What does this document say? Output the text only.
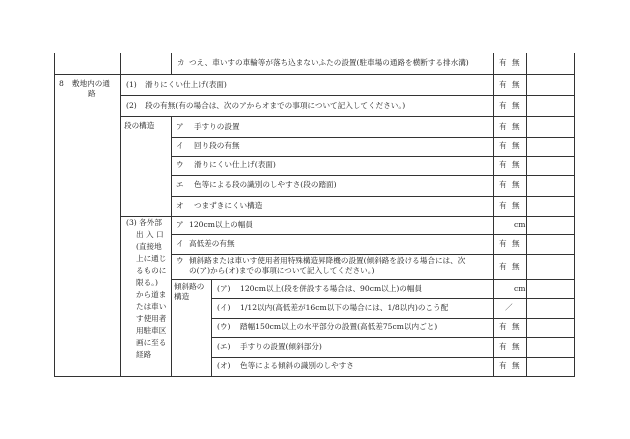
カ つえ、車いすの車輪等が落ち込まないふたの設置(駐車場の通路を横断する排水溝)	有 無
8 敷地内の通
路
(1) 滑りにくい仕上げ(表面)	有 無
(2) 段の有無(有の場合は、次のアからオまでの事項について記入してください。)	有 無
段の構造	ア 手すりの設置	有 無
イ 回り段の有無	有 無
ウ 滑りにくい仕上げ(表面)	有 無
エ 色等による段の識別のしやすさ(段の踏面)	有 無
オ つまずきにくい構造	有 無
(3) 各外部
出 入 口
(直接地
上に通じ
るものに
限る。)
から道ま
たは車い
す使用者
用駐車区
画に至る
経路
ア 120cm以上の幅員	cm
イ 高低差の有無	有 無
ウ 傾斜路または車いす使用者用特殊構造昇降機の設置(傾斜路を設ける場合には、次
の(ア)から(オ)までの事項について記入してください。)	有 無
傾斜路の
構造
(ア) 120cm以上(段を併設する場合は、90cm以上)の幅員	cm
(イ) 1/12以内(高低差が16cm以下の場合には、1/8以内)のこう配	／
(ウ) 踏幅150cm以上の水平部分の設置(高低差75cm以内ごと)	有 無
(エ) 手すりの設置(傾斜部分)	有 無
(オ) 色等による傾斜の識別のしやすさ	有 無
